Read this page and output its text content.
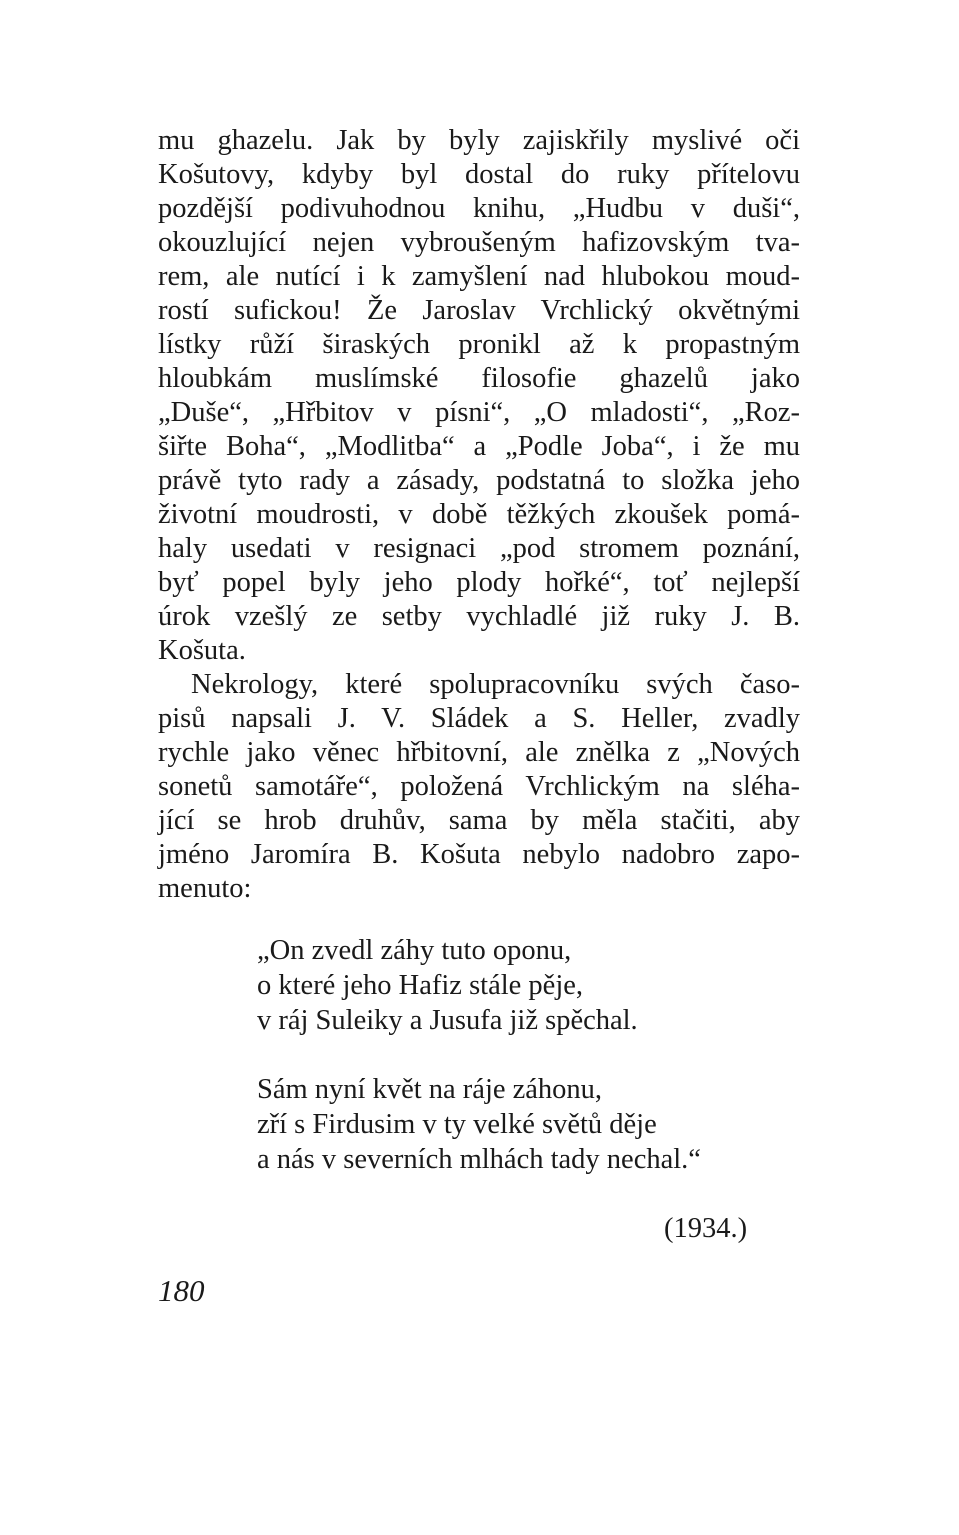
mu ghazelu. Jak by byly zajiskřily myslivé oči
Košutovy, kdyby byl dostal do ruky přítelovu
pozdější podivuhodnou knihu, „Hudbu v duši“,
okouzlující nejen vybroušeným hafizovským tva-
rem, ale nutící i k zamyšlení nad hlubokou moud-
rostí sufickou! Že Jaroslav Vrchlický okvětnými
lístky růží širaských pronikl až k propastným
hloubkám muslímské filosofie ghazelů jako
„Duše“, „Hřbitov v písni“, „O mladosti“, „Roz-
šiřte Boha“, „Modlitba“ a „Podle Joba“, i že mu
právě tyto rady a zásady, podstatná to složka jeho
životní moudrosti, v době těžkých zkoušek pomá-
haly usedati v resignaci „pod stromem poznání,
byť popel byly jeho plody hořké“, toť nejlepší
úrok vzešlý ze setby vychladlé již ruky J. B.
Košuta.
Nekrology, které spolupracovníku svých časo-
pisů napsali J. V. Sládek a S. Heller, zvadly
rychle jako věnec hřbitovní, ale znělka z „Nových
sonetů samotáře“, položená Vrchlickým na sléha-
jící se hrob druhův, sama by měla stačiti, aby
jméno Jaromíra B. Košuta nebylo nadobro zapo-
menuto:
„On zvedl záhy tuto oponu,
o které jeho Hafiz stále pěje,
v ráj Suleiky a Jusufa již spěchal.
Sám nyní květ na ráje záhonu,
zří s Firdusim v ty velké světů děje
a nás v severních mlhách tady nechal.“
(1934.)
180
